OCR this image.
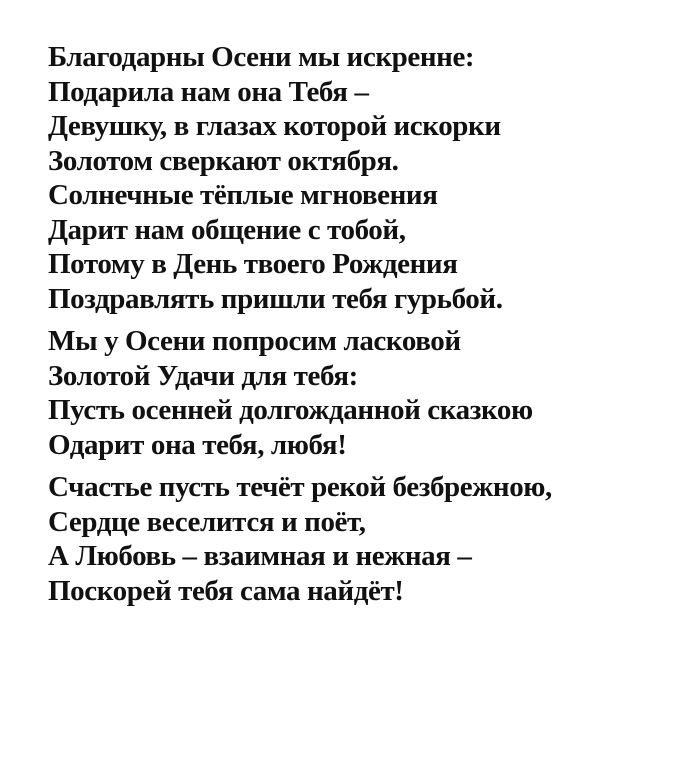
Благодарны Осени мы искренне:
Подарила нам она Тебя –
Девушку, в глазах которой искорки
Золотом сверкают октября.
Солнечные тёплые мгновения
Дарит нам общение с тобой,
Потому в День твоего Рождения
Поздравлять пришли тебя гурьбой.
Мы у Осени попросим ласковой
Золотой Удачи для тебя:
Пусть осенней долгожданной сказкою
Одарит она тебя, любя!
Счастье пусть течёт рекой безбрежною,
Сердце веселится и поёт,
А Любовь – взаимная и нежная –
Поскорей тебя сама найдёт!
